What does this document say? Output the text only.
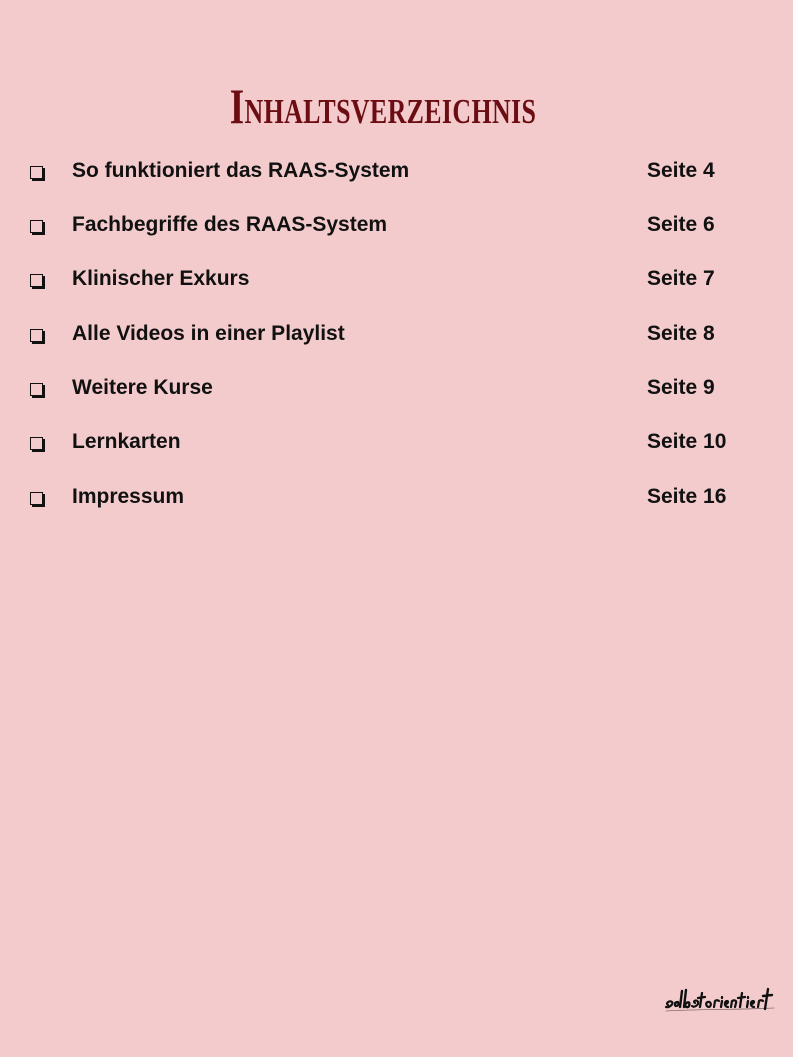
Inhaltsverzeichnis
So funktioniert das RAAS-System	Seite 4
Fachbegriffe des RAAS-System	Seite 6
Klinischer Exkurs	Seite 7
Alle Videos in einer Playlist	Seite 8
Weitere Kurse	Seite 9
Lernkarten	Seite 10
Impressum	Seite 16
